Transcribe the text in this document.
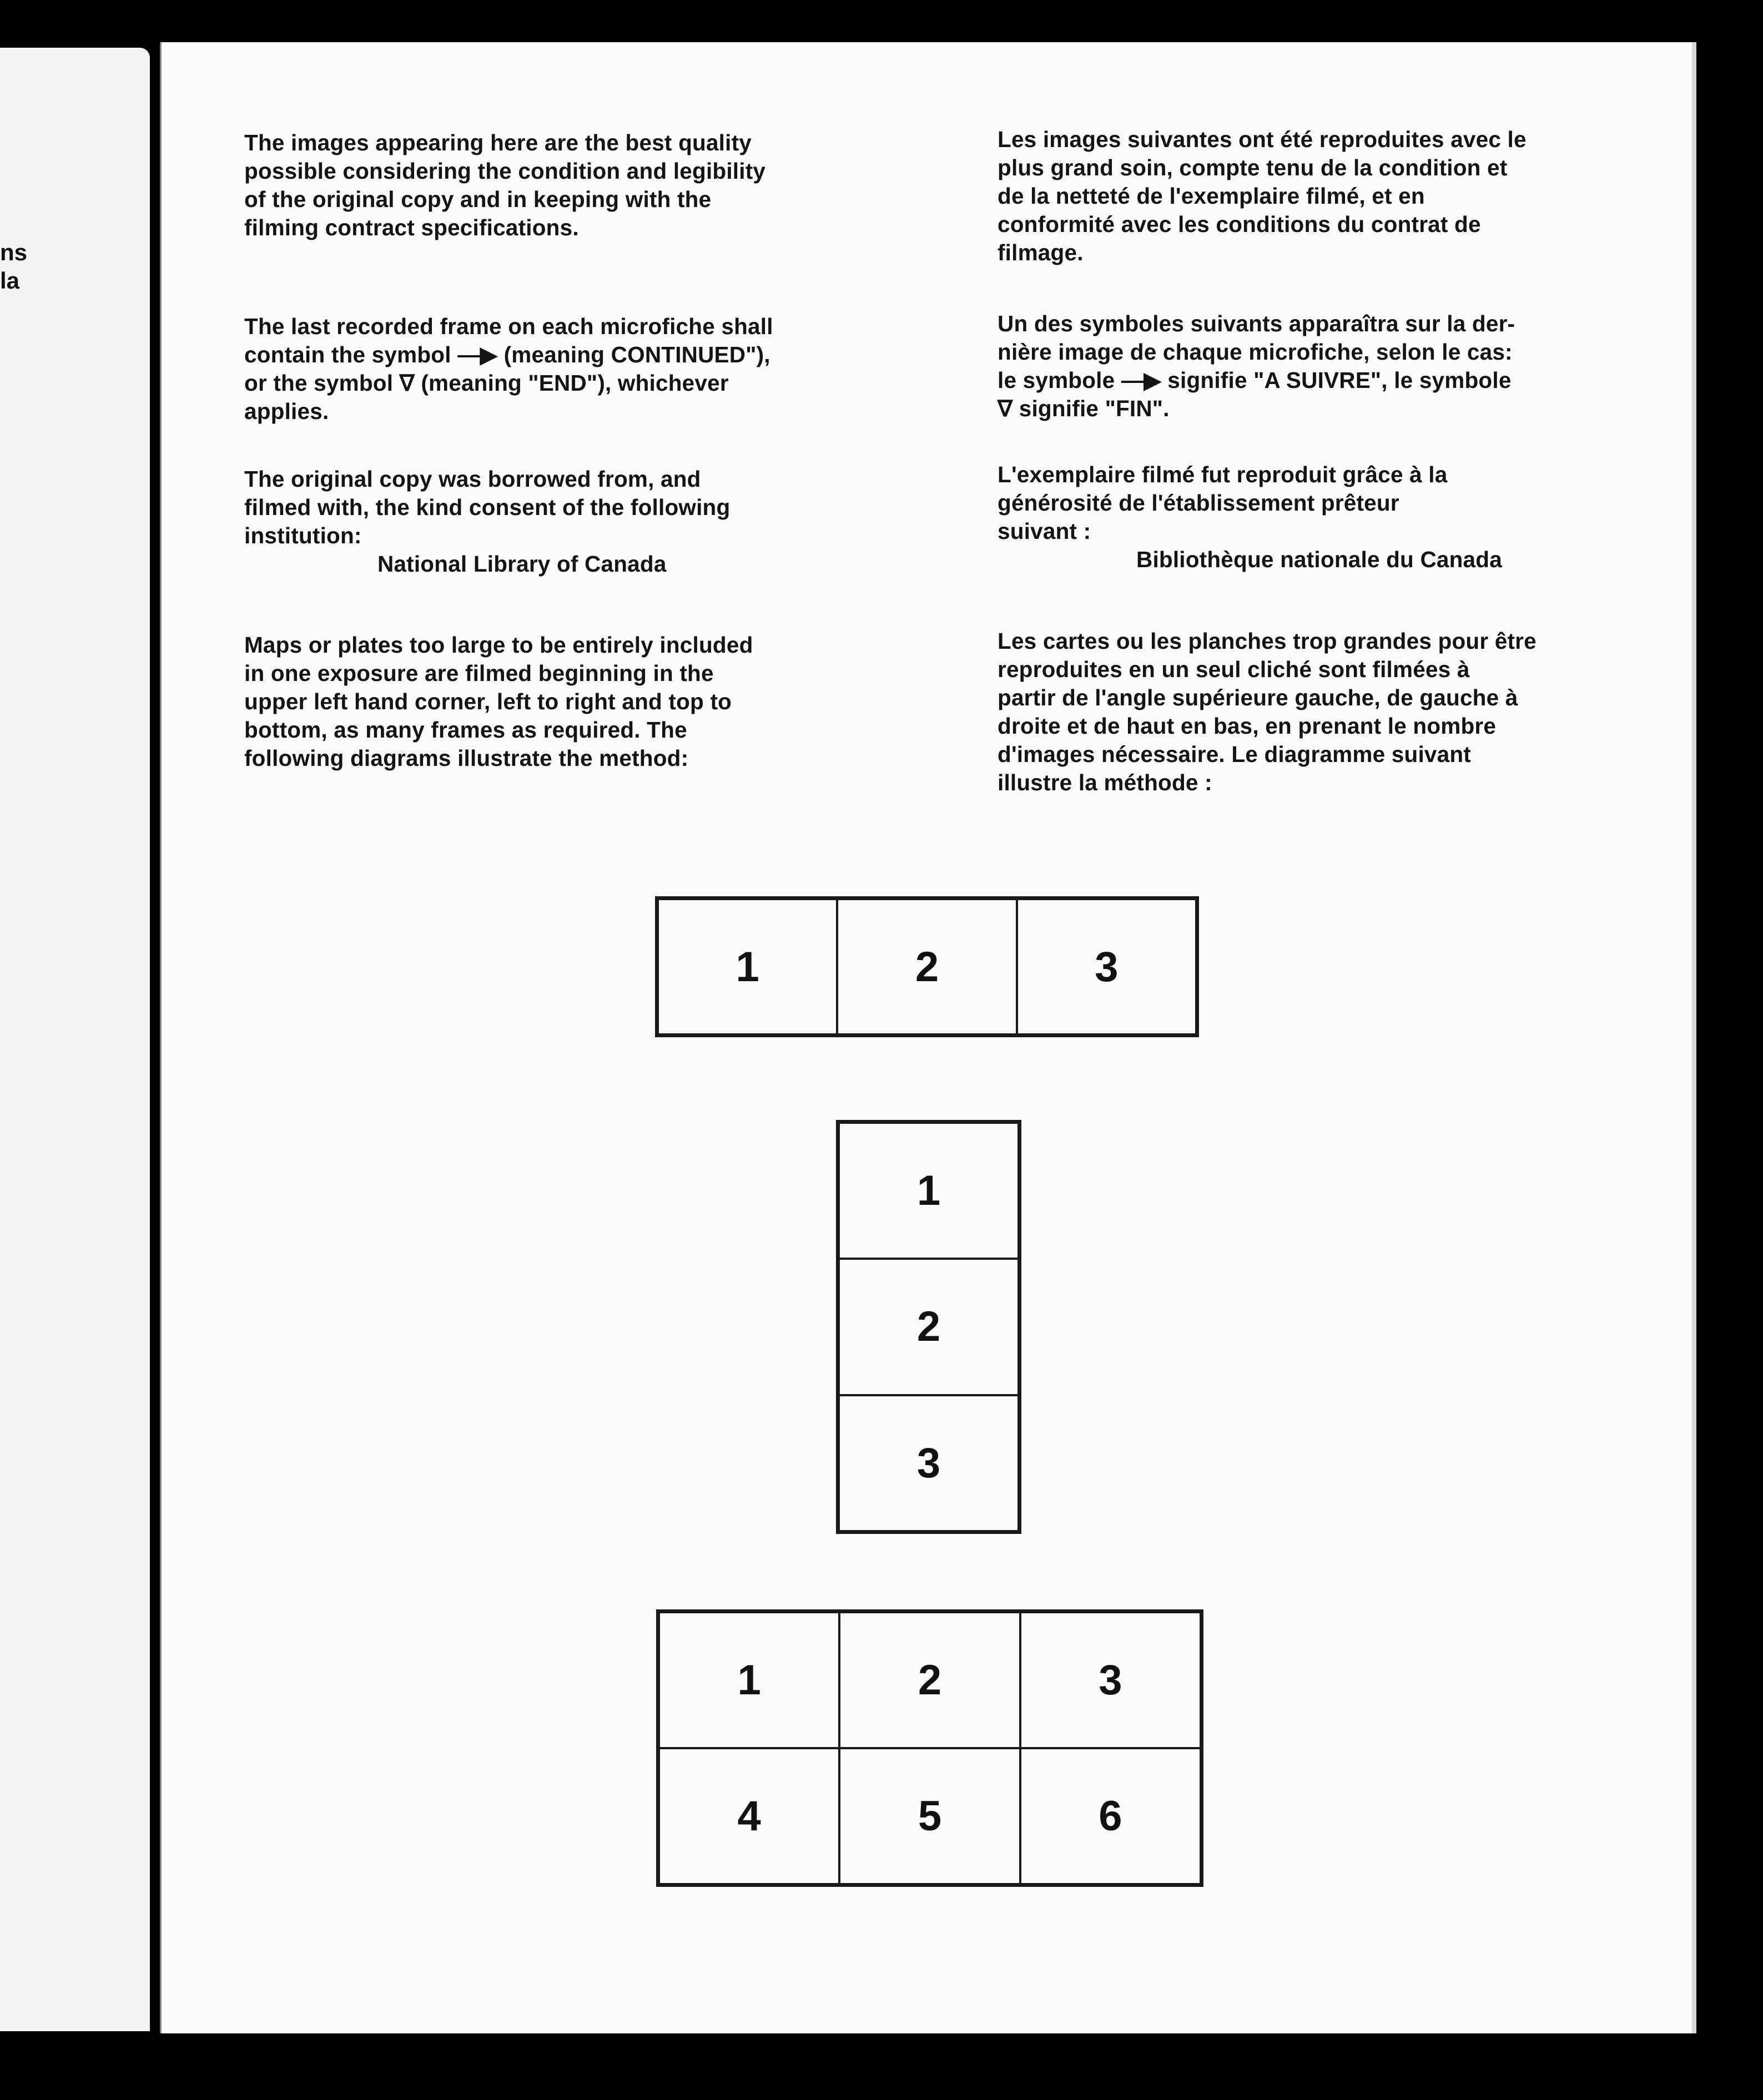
ns
la
The images appearing here are the best quality
possible considering the condition and legibility
of the original copy and in keeping with the
filming contract specifications.
The last recorded frame on each microfiche shall
contain the symbol —▶ (meaning CONTINUED"),
or the symbol ∇ (meaning "END"), whichever
applies.
The original copy was borrowed from, and
filmed with, the kind consent of the following
institution:
National Library of Canada
Maps or plates too large to be entirely included
in one exposure are filmed beginning in the
upper left hand corner, left to right and top to
bottom, as many frames as required. The
following diagrams illustrate the method:
Les images suivantes ont été reproduites avec le
plus grand soin, compte tenu de la condition et
de la netteté de l'exemplaire filmé, et en
conformité avec les conditions du contrat de
filmage.
Un des symboles suivants apparaîtra sur la der-
nière image de chaque microfiche, selon le cas:
le symbole —▶ signifie "A SUIVRE", le symbole
∇ signifie "FIN".
L'exemplaire filmé fut reproduit grâce à la
générosité de l'établissement prêteur
suivant :
Bibliothèque nationale du Canada
Les cartes ou les planches trop grandes pour être
reproduites en un seul cliché sont filmées à
partir de l'angle supérieure gauche, de gauche à
droite et de haut en bas, en prenant le nombre
d'images nécessaire. Le diagramme suivant
illustre la méthode :
1	2	3
1
2
3
1	2	3
4	5	6
